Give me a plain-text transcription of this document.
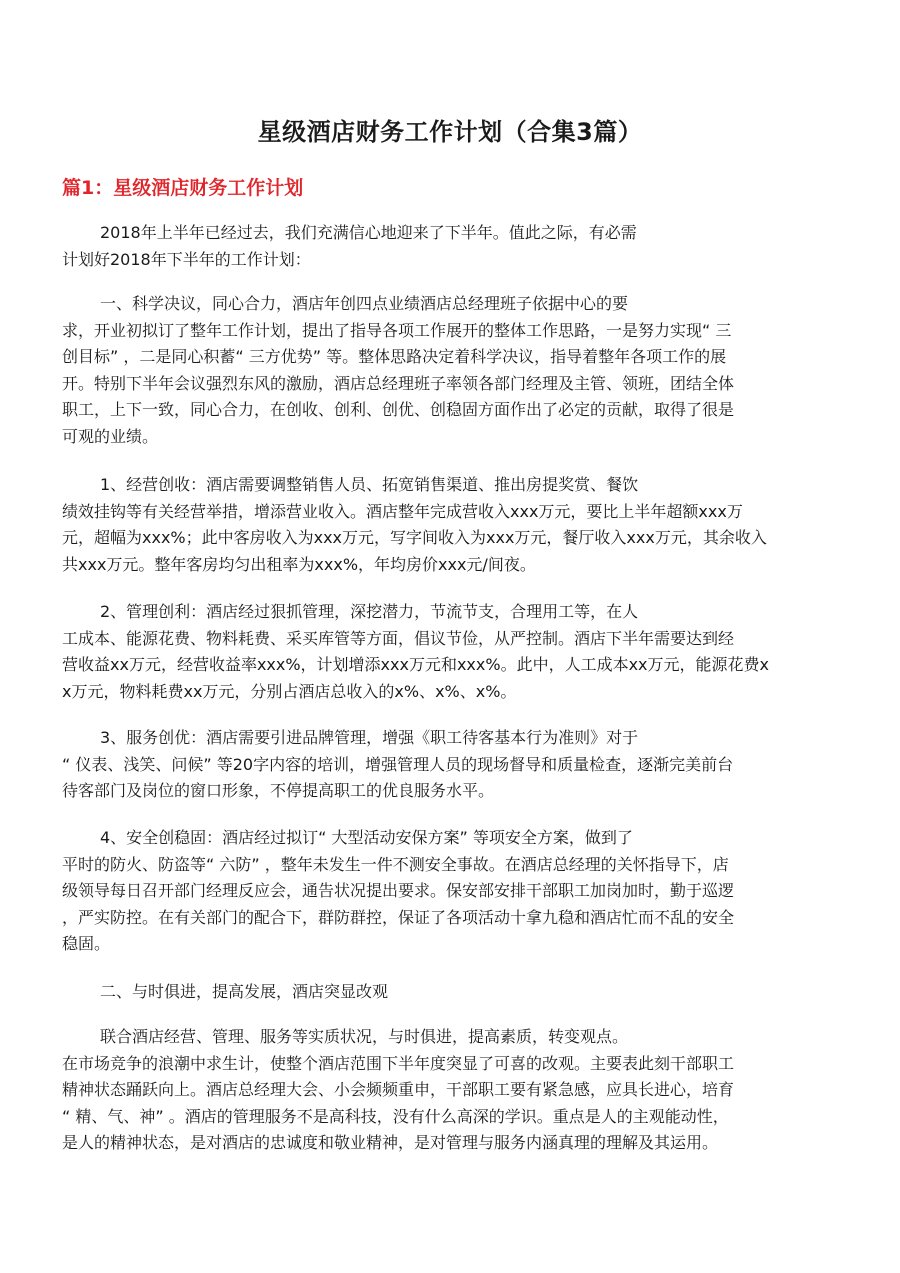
星级酒店财务工作计划（合集3篇）
篇1：星级酒店财务工作计划
2018年上半年已经过去，我们充满信心地迎来了下半年。值此之际，有必需
计划好2018年下半年的工作计划：
一、科学决议，同心合力，酒店年创四点业绩酒店总经理班子依据中心的要
求，开业初拟订了整年工作计划，提出了指导各项工作展开的整体工作思路，一是努力实现“ 三
创目标” ，二是同心积蓄“ 三方优势” 等。整体思路决定着科学决议，指导着整年各项工作的展
开。特别下半年会议强烈东风的激励，酒店总经理班子率领各部门经理及主管、领班，团结全体
职工，上下一致，同心合力，在创收、创利、创优、创稳固方面作出了必定的贡献，取得了很是
可观的业绩。
1、经营创收：酒店需要调整销售人员、拓宽销售渠道、推出房提奖赏、餐饮
绩效挂钩等有关经营举措，增添营业收入。酒店整年完成营收入xxx万元，要比上半年超额xxx万
元，超幅为xxx%；此中客房收入为xxx万元，写字间收入为xxx万元，餐厅收入xxx万元，其余收入
共xxx万元。整年客房均匀出租率为xxx%，年均房价xxx元/间夜。
2、管理创利：酒店经过狠抓管理，深挖潜力，节流节支，合理用工等，在人
工成本、能源花费、物料耗费、采买库管等方面，倡议节俭，从严控制。酒店下半年需要达到经
营收益xx万元，经营收益率xxx%，计划增添xxx万元和xxx%。此中，人工成本xx万元，能源花费x
x万元，物料耗费xx万元，分别占酒店总收入的x%、x%、x%。
3、服务创优：酒店需要引进品牌管理，增强《职工待客基本行为准则》对于
“ 仪表、浅笑、问候” 等20字内容的培训，增强管理人员的现场督导和质量检查，逐渐完美前台
待客部门及岗位的窗口形象，不停提高职工的优良服务水平。
4、安全创稳固：酒店经过拟订“ 大型活动安保方案” 等项安全方案，做到了
平时的防火、防盗等“ 六防” ，整年未发生一件不测安全事故。在酒店总经理的关怀指导下，店
级领导每日召开部门经理反应会，通告状况提出要求。保安部安排干部职工加岗加时，勤于巡逻
，严实防控。在有关部门的配合下，群防群控，保证了各项活动十拿九稳和酒店忙而不乱的安全
稳固。
二、与时俱进，提高发展，酒店突显改观
联合酒店经营、管理、服务等实质状况，与时俱进，提高素质，转变观点。
在市场竞争的浪潮中求生计，使整个酒店范围下半年度突显了可喜的改观。主要表此刻干部职工
精神状态踊跃向上。酒店总经理大会、小会频频重申，干部职工要有紧急感，应具长进心，培育
“ 精、气、神” 。酒店的管理服务不是高科技，没有什么高深的学识。重点是人的主观能动性，
是人的精神状态，是对酒店的忠诚度和敬业精神，是对管理与服务内涵真理的理解及其运用。
